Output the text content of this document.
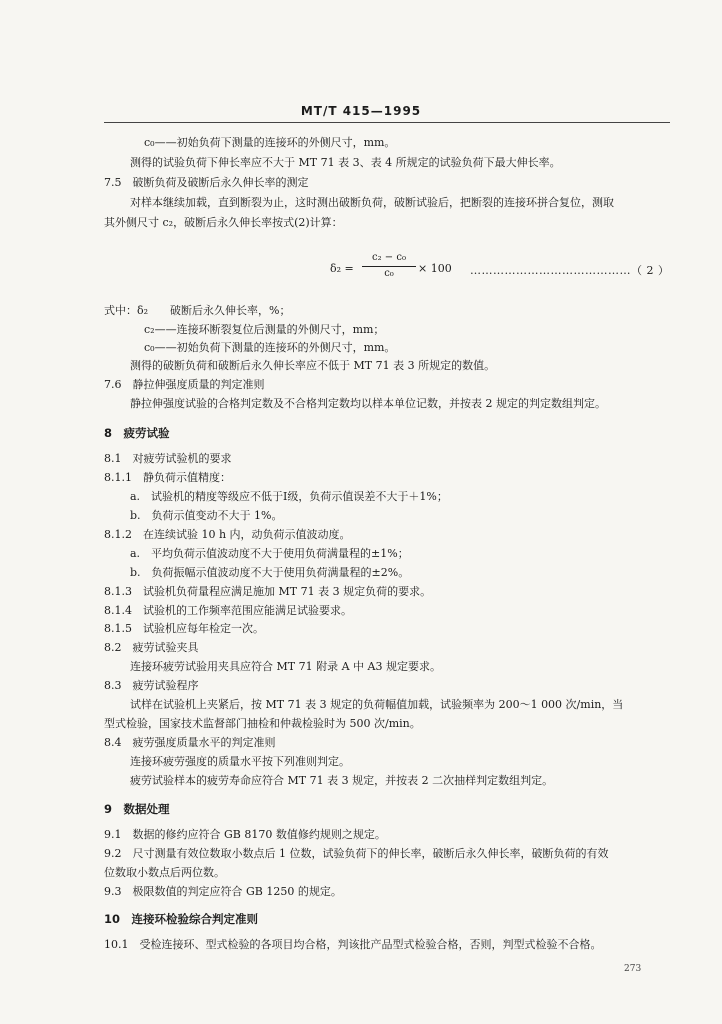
MT/T 415—1995
c₀——初始负荷下测量的连接环的外侧尺寸，mm。
测得的试验负荷下伸长率应不大于 MT 71 表 3、表 4 所规定的试验负荷下最大伸长率。
7.5　破断负荷及破断后永久伸长率的测定
对样本继续加载，直到断裂为止，这时测出破断负荷，破断试验后，把断裂的连接环拼合复位，测取
其外侧尺寸 c₂，破断后永久伸长率按式(2)计算：
δ₂ =
c₂ − c₀
c₀	× 100 ……………………………………（ 2 ）
式中：δ₂　　破断后永久伸长率，%；
c₂——连接环断裂复位后测量的外侧尺寸，mm；
c₀——初始负荷下测量的连接环的外侧尺寸，mm。
测得的破断负荷和破断后永久伸长率应不低于 MT 71 表 3 所规定的数值。
7.6　静拉伸强度质量的判定准则
静拉伸强度试验的合格判定数及不合格判定数均以样本单位记数，并按表 2 规定的判定数组判定。
8　疲劳试验
8.1　对疲劳试验机的要求
8.1.1　静负荷示值精度：
a.　试验机的精度等级应不低于Ⅰ级，负荷示值误差不大于＋1%；
b.　负荷示值变动不大于 1%。
8.1.2　在连续试验 10 h 内，动负荷示值波动度。
a.　平均负荷示值波动度不大于使用负荷满量程的±1%；
b.　负荷振幅示值波动度不大于使用负荷满量程的±2%。
8.1.3　试验机负荷量程应满足施加 MT 71 表 3 规定负荷的要求。
8.1.4　试验机的工作频率范围应能满足试验要求。
8.1.5　试验机应每年检定一次。
8.2　疲劳试验夹具
连接环疲劳试验用夹具应符合 MT 71 附录 A 中 A3 规定要求。
8.3　疲劳试验程序
试样在试验机上夹紧后，按 MT 71 表 3 规定的负荷幅值加载，试验频率为 200～1 000 次/min，当
型式检验，国家技术监督部门抽检和仲裁检验时为 500 次/min。
8.4　疲劳强度质量水平的判定准则
连接环疲劳强度的质量水平按下列准则判定。
疲劳试验样本的疲劳寿命应符合 MT 71 表 3 规定，并按表 2 二次抽样判定数组判定。
9　数据处理
9.1　数据的修约应符合 GB 8170 数值修约规则之规定。
9.2　尺寸测量有效位数取小数点后 1 位数，试验负荷下的伸长率，破断后永久伸长率，破断负荷的有效
位数取小数点后两位数。
9.3　极限数值的判定应符合 GB 1250 的规定。
10　连接环检验综合判定准则
10.1　受检连接环、型式检验的各项目均合格，判该批产品型式检验合格，否则，判型式检验不合格。
273
